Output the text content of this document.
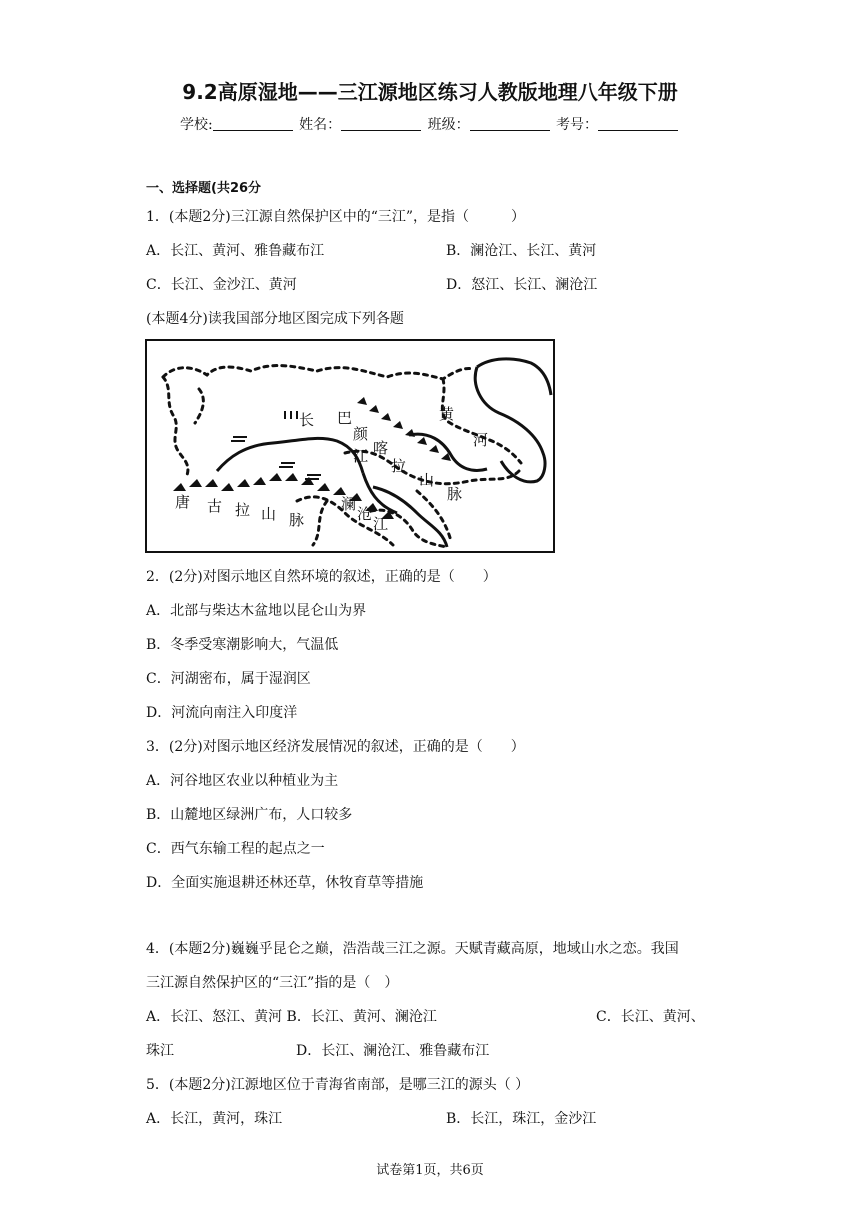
9.2高原湿地——三江源地区练习人教版地理八年级下册
学校:	姓名：	班级：	考号：
一、选择题(共26分
1．(本题2分)三江源自然保护区中的“三江”，是指（　　　）
A．长江、黄河、雅鲁藏布江	B．澜沧江、长江、黄河
C．长江、金沙江、黄河	D．怒江、长江、澜沧江
(本题4分)读我国部分地区图完成下列各题
长 巴
颜
江 喀
拉
山
脉
黄
河
唐 古 拉 山 脉
澜
沧
江
2．(2分)对图示地区自然环境的叙述，正确的是（　　）
A．北部与柴达木盆地以昆仑山为界
B．冬季受寒潮影响大，气温低
C．河湖密布，属于湿润区
D．河流向南注入印度洋
3．(2分)对图示地区经济发展情况的叙述，正确的是（　　）
A．河谷地区农业以种植业为主
B．山麓地区绿洲广布，人口较多
C．西气东输工程的起点之一
D．全面实施退耕还林还草，休牧育草等措施
4．(本题2分)巍巍乎昆仑之巅，浩浩哉三江之源。天赋青藏高原，地域山水之恋。我国
三江源自然保护区的“三江”指的是（　）
A．长江、怒江、黄河 B．长江、黄河、澜沧江	C．长江、黄河、
珠江	D．长江、澜沧江、雅鲁藏布江
5．(本题2分)江源地区位于青海省南部，是哪三江的源头（ ）
A．长江，黄河，珠江	B．长江，珠江，金沙江
试卷第1页，共6页
